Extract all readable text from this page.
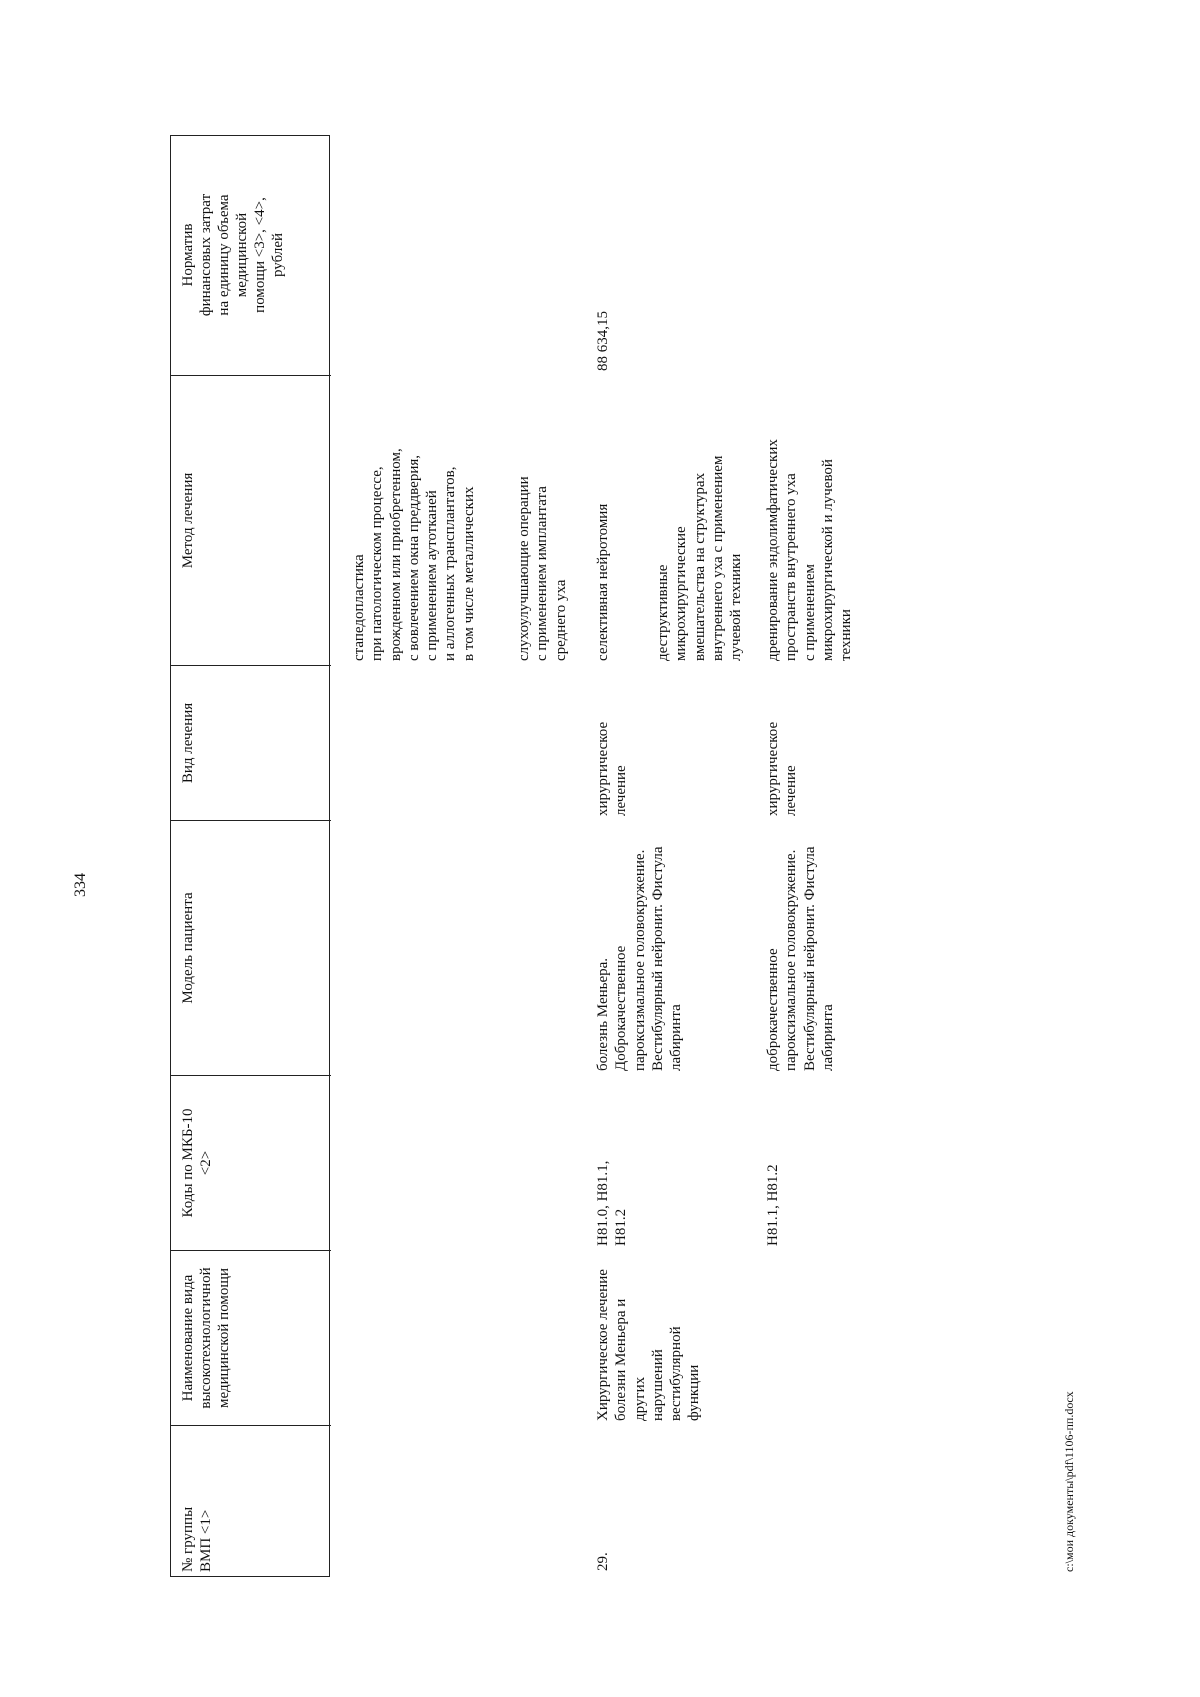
334
№ группы
ВМП <1>
Наименование вида
высокотехнологичной
медицинской помощи
Коды по МКБ-10
<2>
Модель пациента
Вид лечения
Метод лечения
Норматив
финансовых затрат
на единицу объема
медицинской
помощи <3>, <4>,
рублей
стапедопластика
при патологическом процессе,
врожденном или приобретенном,
с вовлечением окна преддверия,
с применением аутотканей
и аллогенных трансплантатов,
в том числе металлических
слухоулучшающие операции
с применением имплантата
среднего уха
29.
Хирургическое лечение
болезни Меньера и других
нарушений вестибулярной
функции
H81.0, H81.1,
H81.2
болезнь Меньера.
Доброкачественное
пароксизмальное головокружение.
Вестибулярный нейронит. Фистула
лабиринта
хирургическое
лечение
селективная нейротомия	деструктивные
микрохирургические
вмешательства на структурах
внутреннего уха с применением
лучевой техники
88 634,15
H81.1, H81.2
доброкачественное
пароксизмальное головокружение.
Вестибулярный нейронит. Фистула
лабиринта
хирургическое
лечение
дренирование эндолимфатических
пространств внутреннего уха
с применением
микрохирургической и лучевой
техники
c:\мои документы\pdf\1106-пп.docx
